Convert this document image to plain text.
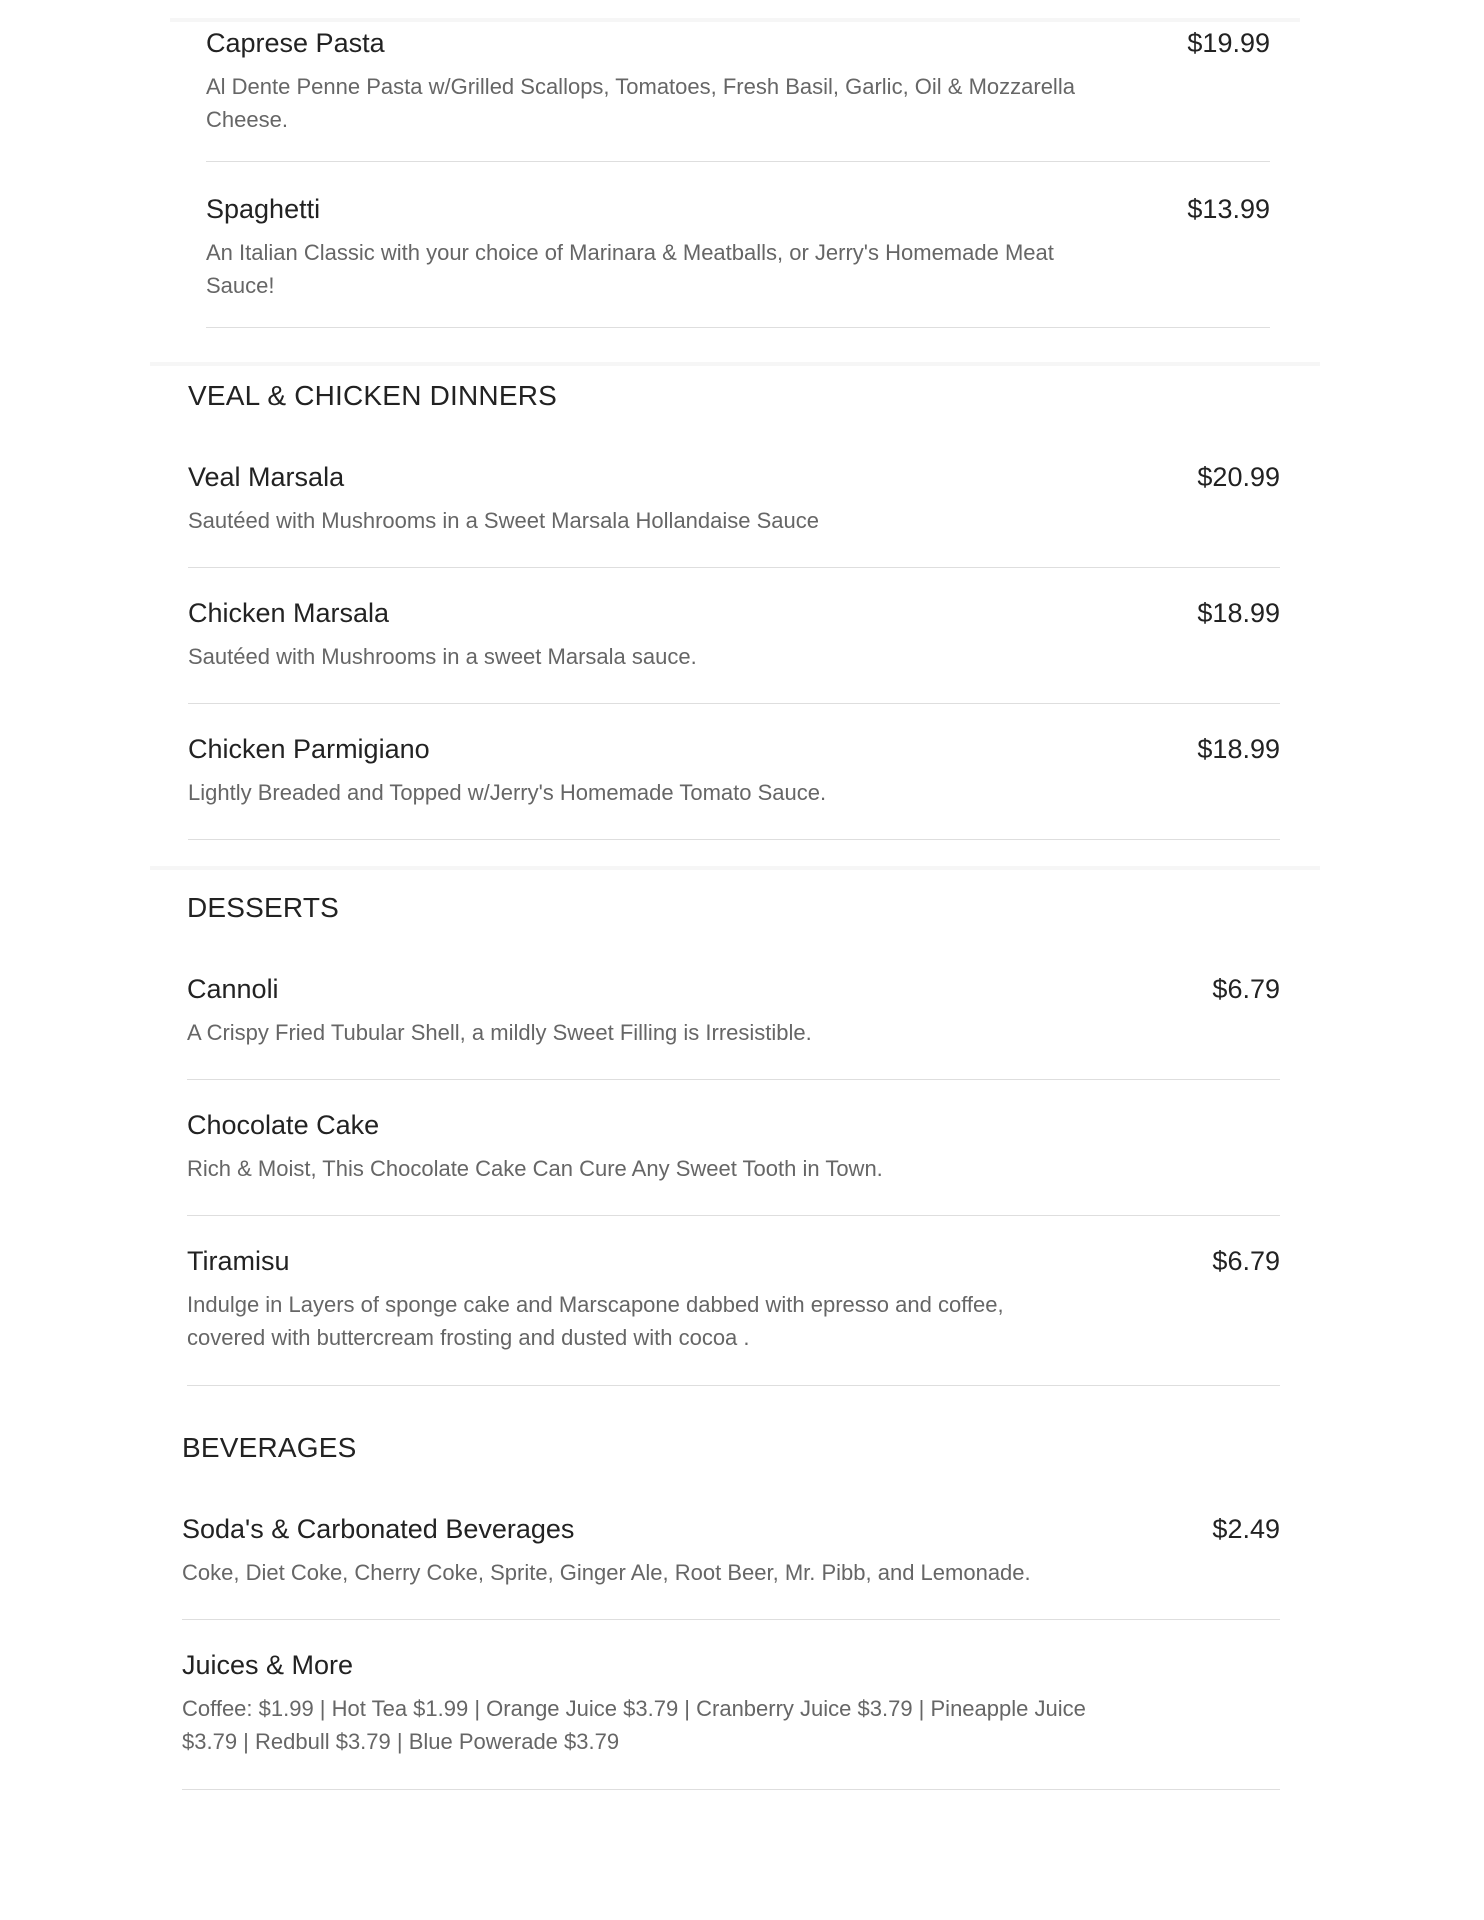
Caprese Pasta	$19.99
Al Dente Penne Pasta w/Grilled Scallops, Tomatoes, Fresh Basil, Garlic, Oil & Mozzarella Cheese.
Spaghetti	$13.99
An Italian Classic with your choice of Marinara & Meatballs, or Jerry's Homemade Meat Sauce!
VEAL & CHICKEN DINNERS
Veal Marsala	$20.99
Sautéed with Mushrooms in a Sweet Marsala Hollandaise Sauce
Chicken Marsala	$18.99
Sautéed with Mushrooms in a sweet Marsala sauce.
Chicken Parmigiano	$18.99
Lightly Breaded and Topped w/Jerry's Homemade Tomato Sauce.
DESSERTS
Cannoli	$6.79
A Crispy Fried Tubular Shell, a mildly Sweet Filling is Irresistible.
Chocolate Cake
Rich & Moist, This Chocolate Cake Can Cure Any Sweet Tooth in Town.
Tiramisu	$6.79
Indulge in Layers of sponge cake and Marscapone dabbed with epresso and coffee, covered with buttercream frosting and dusted with cocoa .
BEVERAGES
Soda's & Carbonated Beverages	$2.49
Coke, Diet Coke, Cherry Coke, Sprite, Ginger Ale, Root Beer, Mr. Pibb, and Lemonade.
Juices & More
Coffee: $1.99 | Hot Tea $1.99 | Orange Juice $3.79 | Cranberry Juice $3.79 | Pineapple Juice $3.79 | Redbull $3.79 | Blue Powerade $3.79
